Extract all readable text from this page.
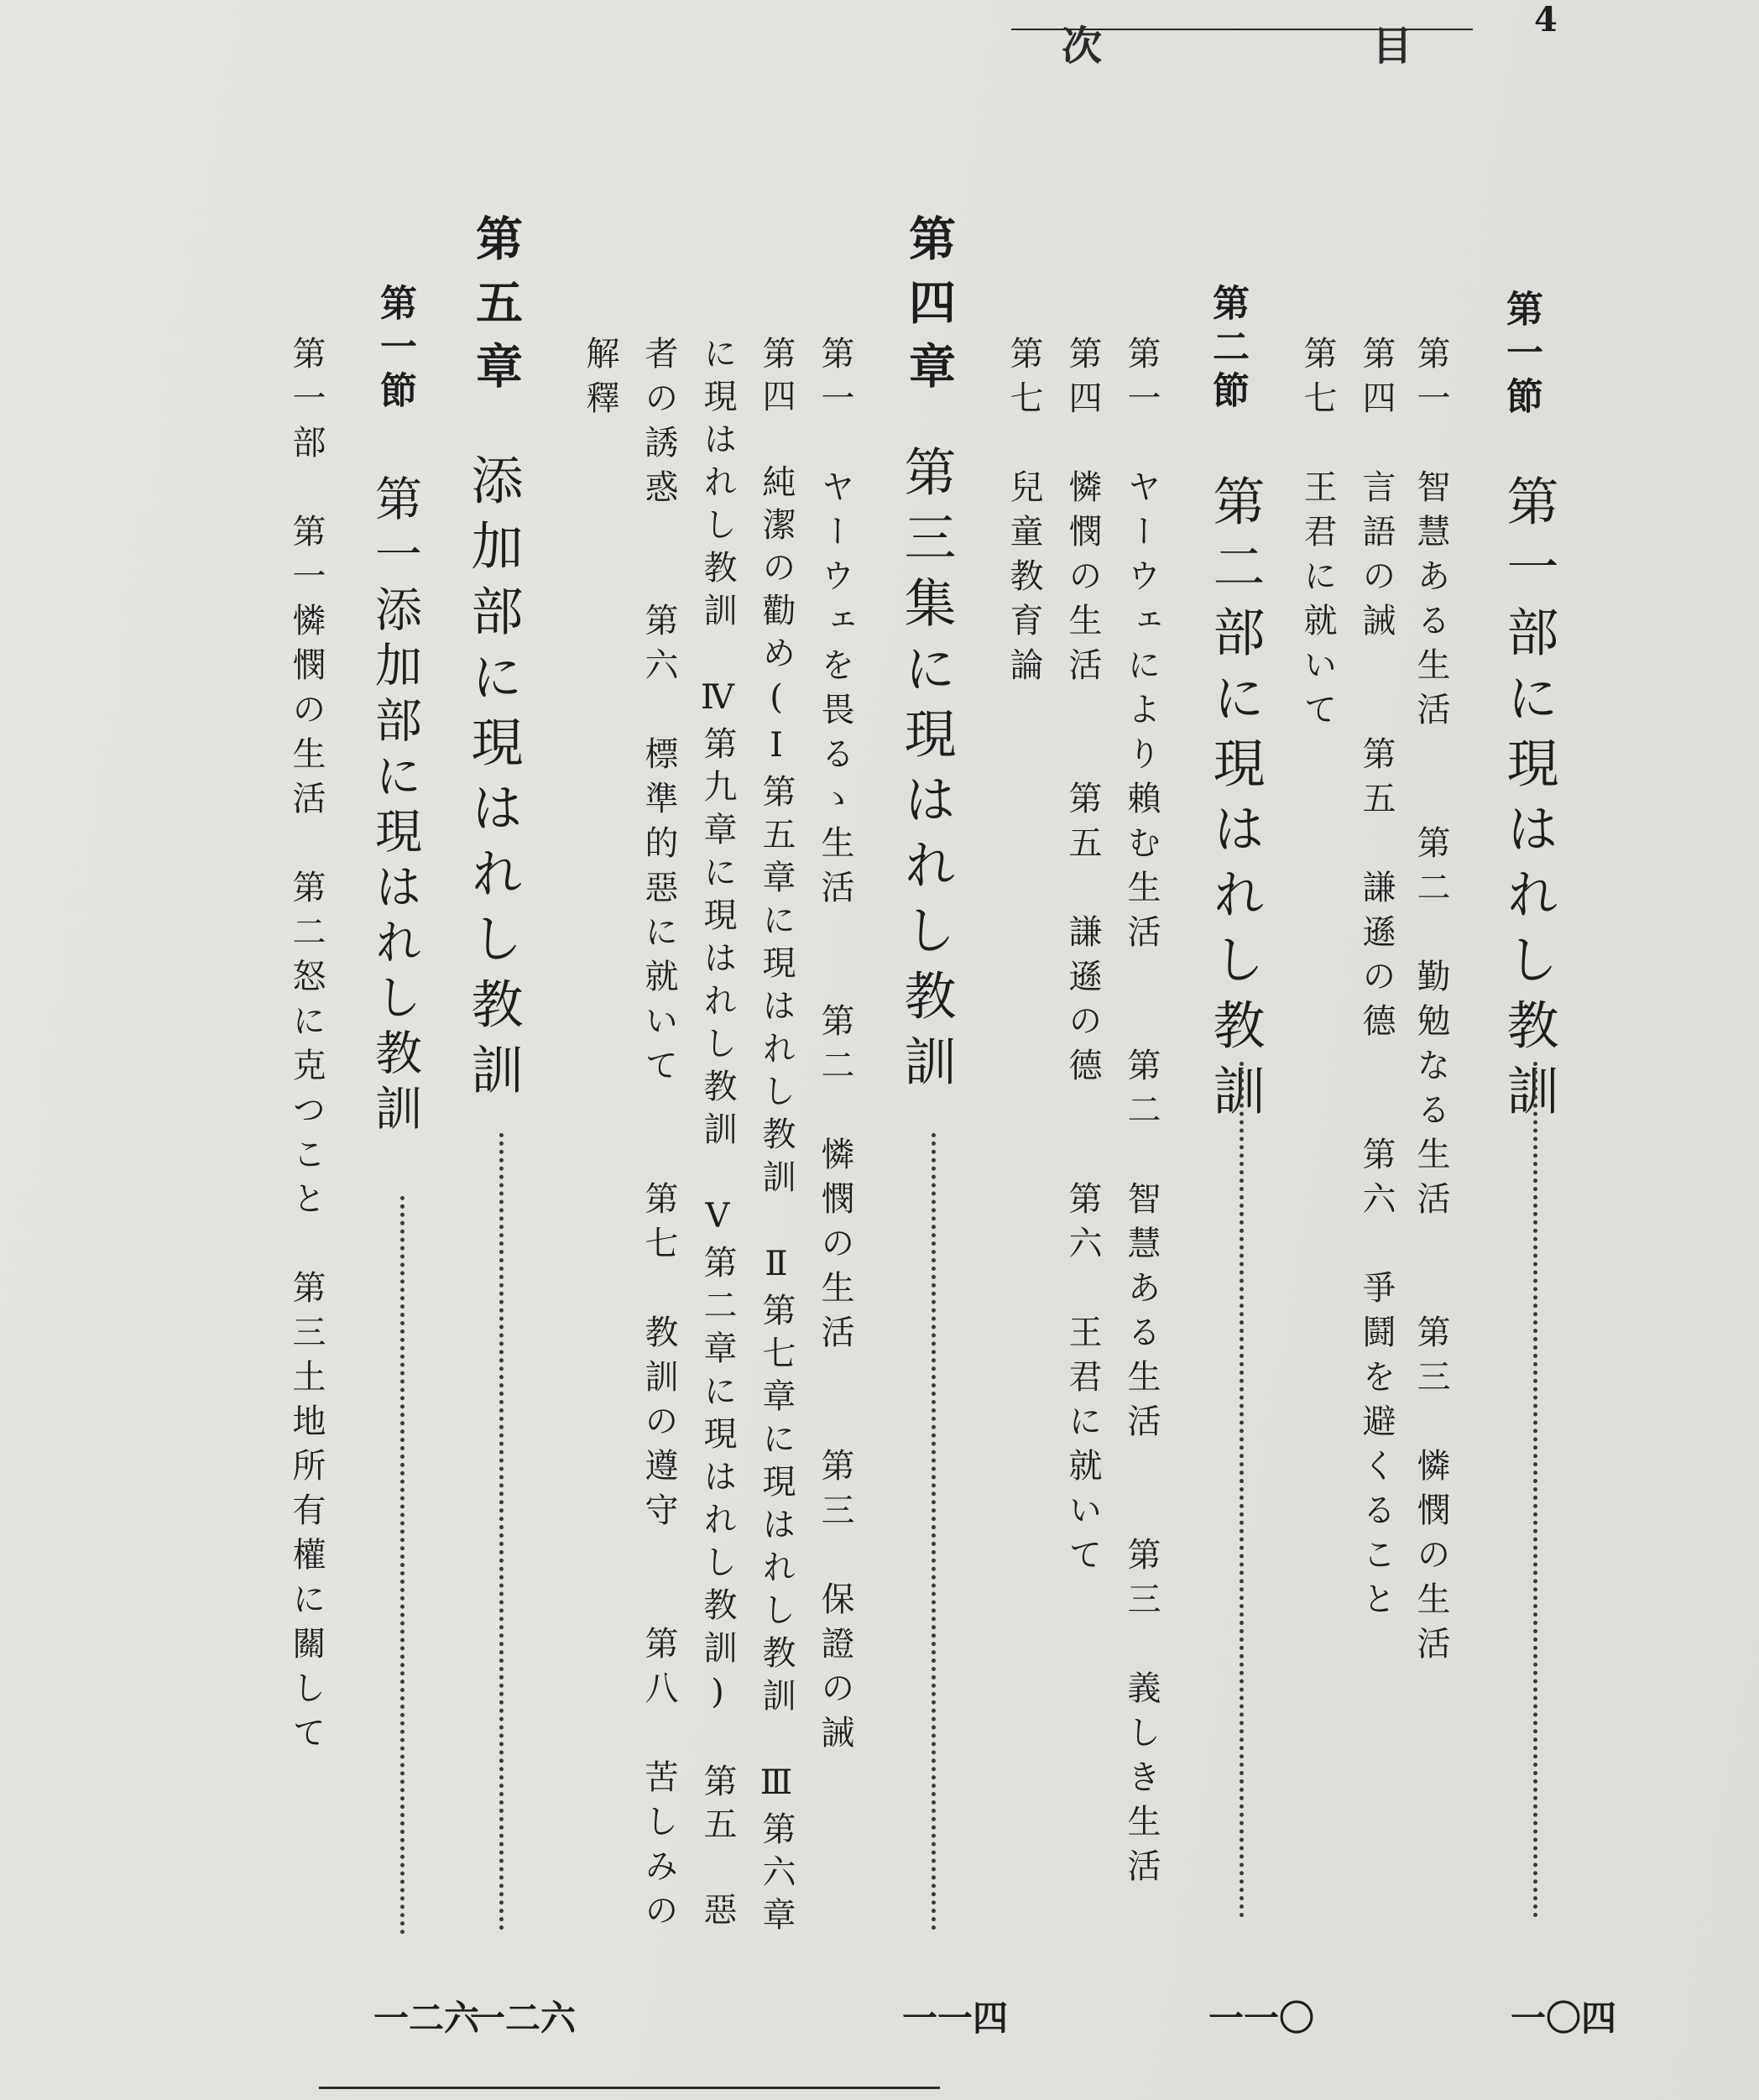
次	目
4
第一節
第一部に現はれし教訓
一〇四
第一　智慧ある生活　　第二　勤勉なる生活　　第三　憐憫の生活
第四　言語の誡　　第五　謙遜の德　　第六　爭鬪を避くること
第七　王君に就いて
第二節
第二部に現はれし教訓
一一〇
第一　ヤーウェにより賴む生活　　第二　智慧ある生活　　第三　義しき生活
第四　憐憫の生活　　第五　謙遜の德　　第六　王君に就いて
第七　兒童教育論
第四章
第三集に現はれし教訓
一一四
第一　ヤーウェを畏るゝ生活　　第二　憐憫の生活　　第三　保證の誡
第四　純潔の勸め(Ⅰ第五章に現はれし教訓　Ⅱ第七章に現はれし教訓　Ⅲ第六章
に現はれし教訓　Ⅳ第九章に現はれし教訓　Ⅴ第二章に現はれし教訓)　第五　惡
者の誘惑　　第六　標準的惡に就いて　　第七　教訓の遵守　　第八　苦しみの
解釋
第五章
添加部に現はれし教訓
一二六
第一節
第一添加部に現はれし教訓
一二六
第一部　第一憐憫の生活　第二怒に克つこと　第三土地所有權に關して
